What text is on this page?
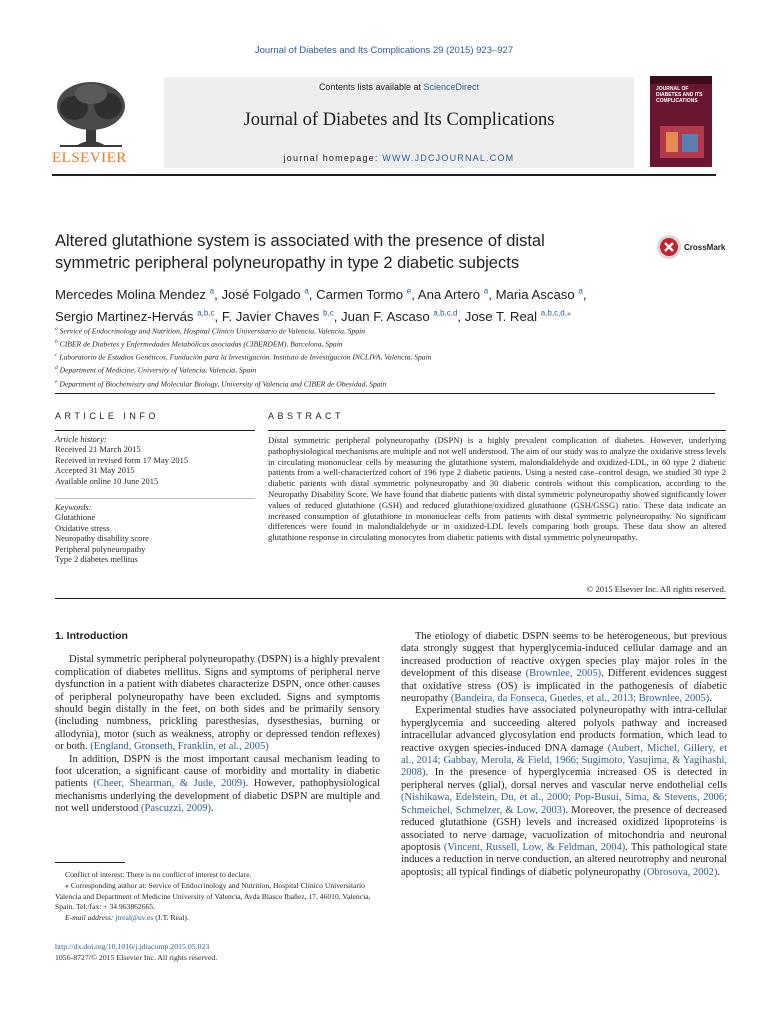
Journal of Diabetes and Its Complications 29 (2015) 923–927
ELSEVIER
Contents lists available at ScienceDirect
Journal of Diabetes and Its Complications
journal homepage: WWW.JDCJOURNAL.COM
JOURNAL OF DIABETES AND ITS COMPLICATIONS
Altered glutathione system is associated with the presence of distal
symmetric peripheral polyneuropathy in type 2 diabetic subjects
CrossMark
Mercedes Molina Mendez $^a$, José Folgado $^a$, Carmen Tormo $^e$, Ana Artero $^a$, Maria Ascaso $^a$,
Sergio Martinez-Hervás $^{a,b,c}$, F. Javier Chaves $^{b,c}$, Juan F. Ascaso $^{a,b,c,d}$, Jose T. Real $^{a,b,c,d,⁎}$
$^a$ Service of Endocrinology and Nutrition, Hospital Clínico Universitario de Valencia, Valencia, Spain
$^b$ CIBER de Diabetes y Enfermedades Metabólicas asociadas (CIBERDEM), Barcelona, Spain
$^c$ Laboratorio de Estudios Genéticos, Fundación para la Investigación. Instituto de Investigación INCLIVA, Valencia, Spain
$^d$ Department of Medicine, University of Valencia, Valencia, Spain
$^e$ Department of Biochemistry and Molecular Biology, University of Valencia and CIBER de Obesidad, Spain
ARTICLE INFO	ABSTRACT
Article history:
Received 21 March 2015
Received in revised form 17 May 2015
Accepted 31 May 2015
Available online 10 June 2015
Keywords:
Glutathione
Oxidative stress
Neuropathy disability score
Peripheral polyneuropathy
Type 2 diabetes mellitus
Distal symmetric peripheral polyneuropathy (DSPN) is a highly prevalent complication of diabetes. However, underlying pathophysiological mechanisms are multiple and not well understood. The aim of our study was to analyze the oxidative stress levels in circulating mononuclear cells by measuring the glutathione system, malondialdehyde and oxidized-LDL, in 60 type 2 diabetic patients from a well-characterized cohort of 196 type 2 diabetic patients. Using a nested case–control design, we studied 30 type 2 diabetic patients with distal symmetric polyneuropathy and 30 diabetic controls without this complication, according to the Neuropathy Disability Score. We have found that diabetic patients with distal symmetric polyneuropathy showed significantly lower values of reduced glutathione (GSH) and reduced glutathione/oxidized glutathione (GSH/GSSG) ratio. These data indicate an increased consumption of glutathione in mononuclear cells from patients with distal symmetric polyneuropathy. No significant differences were found in malondialdehyde or in oxidized-LDL levels comparing both groups. These data show an altered glutathione response in circulating monocytes from diabetic patients with distal symmetric polyneuropathy.
© 2015 Elsevier Inc. All rights reserved.
1. Introduction

Distal symmetric peripheral polyneuropathy (DSPN) is a highly prevalent complication of diabetes mellitus. Signs and symptoms of peripheral nerve dysfunction in a patient with diabetes characterize DSPN, once other causes of peripheral polyneuropathy have been excluded. Signs and symptoms should begin distally in the feet, on both sides and be primarily sensory (including numbness, prickling paresthesias, dysesthesias, burning or allodynia), motor (such as weakness, atrophy or depressed tendon reflexes) or both. (England, Gronseth, Franklin, et al., 2005)

In addition, DSPN is the most important causal mechanism leading to foot ulceration, a significant cause of morbidity and mortality in diabetic patients (Cheer, Shearman, & Jude, 2009). However, pathophysiological mechanisms underlying the development of diabetic DSPN are multiple and not well understood (Pascuzzi, 2009).

Conflict of interest: There is no conflict of interest to declare.

⁎ Corresponding author at: Service of Endocrinology and Nutrition, Hospital Clínico Universitario Valencia and Department of Medicine University of Valencia, Avda Blasco Ibañez, 17, 46010, Valencia, Spain. Tel./fax: + 34 963862665.

E-mail address: jtreal@uv.es (J.T. Real).

http://dx.doi.org/10.1016/j.jdiacomp.2015.05.023
1056-8727/© 2015 Elsevier Inc. All rights reserved.

The etiology of diabetic DSPN seems to be heterogeneous, but previous data strongly suggest that hyperglycemia-induced cellular damage and an increased production of reactive oxygen species play major roles in the development of this disease (Brownlee, 2005). Different evidences suggest that oxidative stress (OS) is implicated in the pathogenesis of diabetic neuropathy (Bandeira, da Fonseca, Guedes, et al., 2013; Brownlee, 2005).

Experimental studies have associated polyneuropathy with intra-cellular hyperglycemia and succeeding altered polyols pathway and increased intracellular advanced glycosylation end products formation, which lead to reactive oxygen species-induced DNA damage (Aubert, Michel, Gillery, et al., 2014; Gabbay, Merola, & Field, 1966; Sugimoto, Yasujima, & Yagihashi, 2008). In the presence of hyperglycemia increased OS is detected in peripheral nerves (glial), dorsal nerves and vascular nerve endothelial cells (Nishikawa, Edelstein, Du, et al., 2000; Pop-Busui, Sima, & Stevens, 2006; Schmeichel, Schmelzer, & Low, 2003). Moreover, the presence of decreased reduced glutathione (GSH) levels and increased oxidized lipoproteins is associated to nerve damage, vacuolization of mitochondria and neuronal apoptosis (Vincent, Russell, Low, & Feldman, 2004). This pathological state induces a reduction in nerve conduction, an altered neurotrophy and neuronal apoptosis; all typical findings of diabetic polyneuropathy (Obrosova, 2002).
